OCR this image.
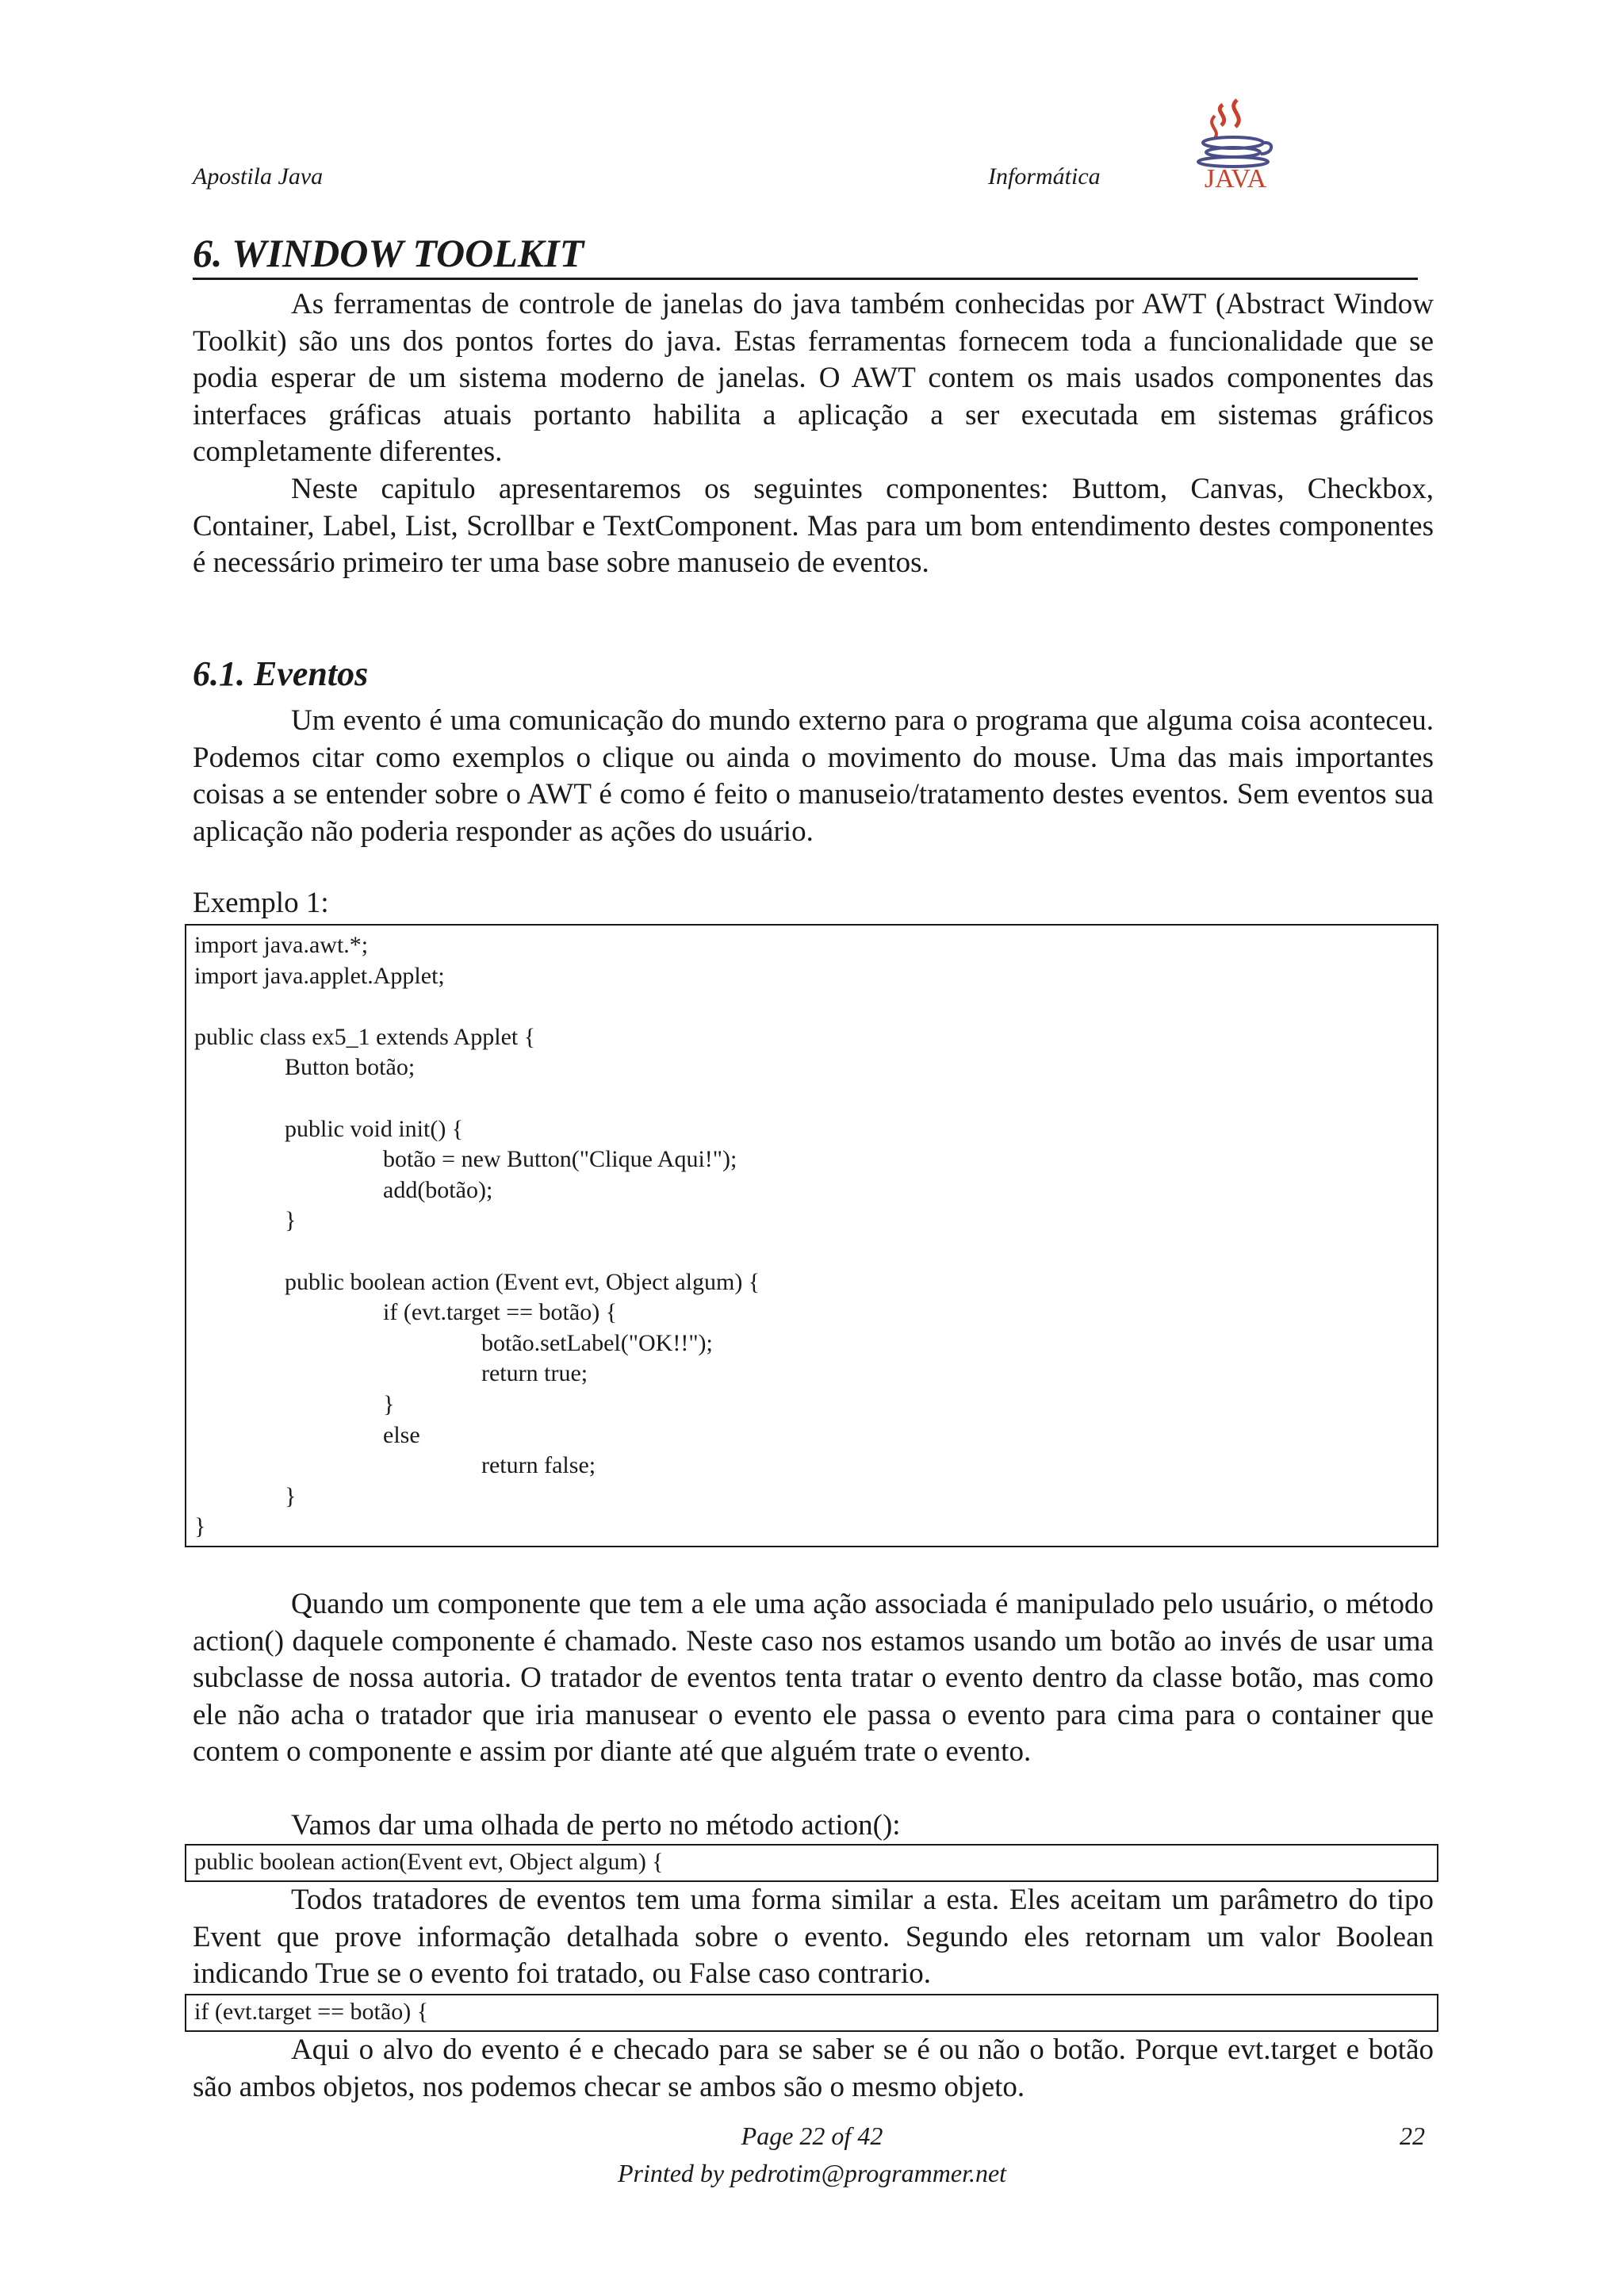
Apostila Java	Informática	JAVA
6. WINDOW TOOLKIT

As ferramentas de controle de janelas do java também conhecidas por AWT (Abstract Window Toolkit) são uns dos pontos fortes do java. Estas ferramentas fornecem toda a funcionalidade que se podia esperar de um sistema moderno de janelas. O AWT contem os mais usados componentes das interfaces gráficas atuais portanto habilita a aplicação a ser executada em sistemas gráficos completamente diferentes.

Neste capitulo apresentaremos os seguintes componentes: Buttom, Canvas, Checkbox, Container, Label, List, Scrollbar e TextComponent. Mas para um bom entendimento destes componentes é necessário primeiro ter uma base sobre manuseio de eventos.

6.1. Eventos

Um evento é uma comunicação do mundo externo para o programa que alguma coisa aconteceu. Podemos citar como exemplos o clique ou ainda o movimento do mouse. Uma das mais importantes coisas a se entender sobre o AWT é como é feito o manuseio/tratamento destes eventos. Sem eventos sua aplicação não poderia responder as ações do usuário.

Exemplo 1:

import java.awt.*;
import java.applet.Applet;
public class ex5_1 extends Applet {
Button botão;
public void init() {
botão = new Button("Clique Aqui!");
add(botão);
}
public boolean action (Event evt, Object algum) {
if (evt.target == botão) {
botão.setLabel("OK!!");
return true;
}
else
return false;
}
}

Quando um componente que tem a ele uma ação associada é manipulado pelo usuário, o método action() daquele componente é chamado. Neste caso nos estamos usando um botão ao invés de usar uma subclasse de nossa autoria. O tratador de eventos tenta tratar o evento dentro da classe botão, mas como ele não acha o tratador que iria manusear o evento ele passa o evento para cima para o container que contem o componente e assim por diante até que alguém trate o evento.

Vamos dar uma olhada de perto no método action():

public boolean action(Event evt, Object algum) {

Todos tratadores de eventos tem uma forma similar a esta. Eles aceitam um parâmetro do tipo Event que prove informação detalhada sobre o evento. Segundo eles retornam um valor Boolean indicando True se o evento foi tratado, ou False caso contrario.

if (evt.target == botão) {

Aqui o alvo do evento é e checado para se saber se é ou não o botão. Porque evt.target e botão são ambos objetos, nos podemos checar se ambos são o mesmo objeto.

Page 22 of 42
Printed by pedrotim@programmer.net
22
